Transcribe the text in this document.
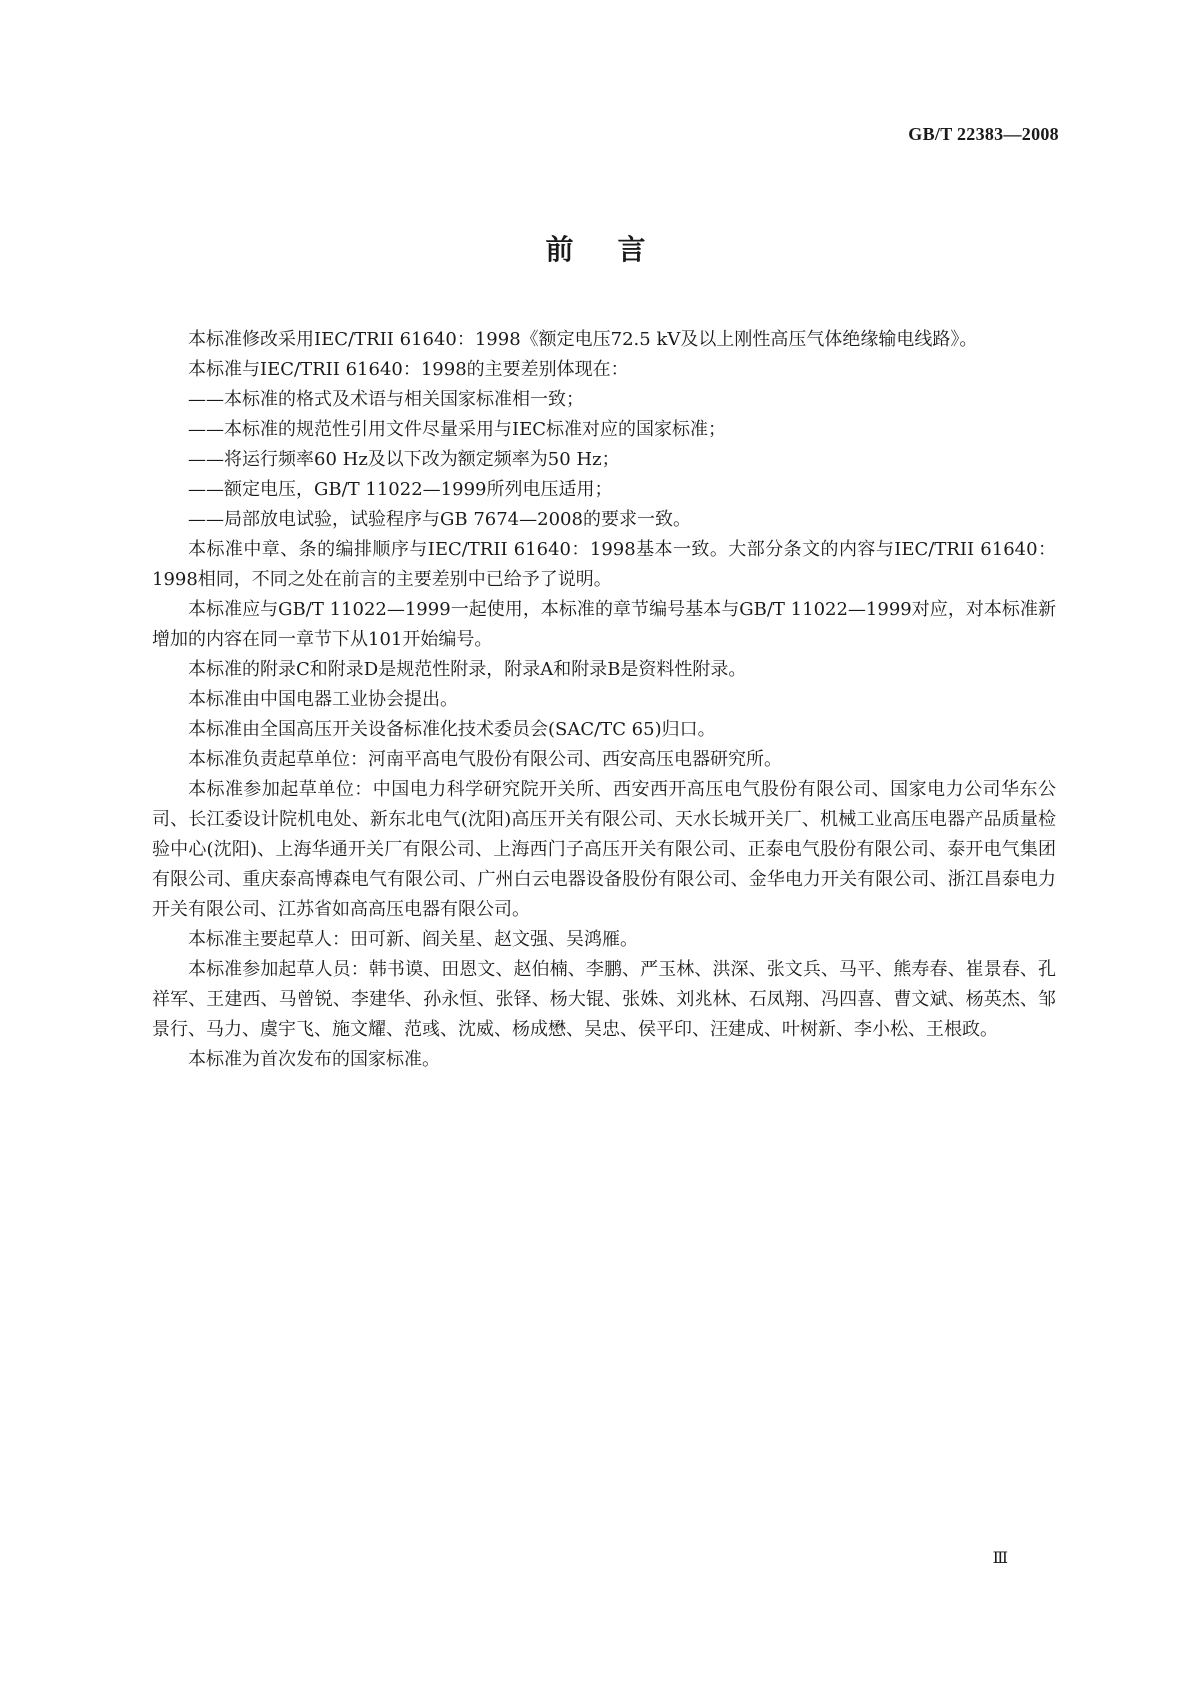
GB/T 22383—2008
前言

本标准修改采用IEC/TRII 61640：1998《额定电压72.5 kV及以上刚性高压气体绝缘输电线路》。

本标准与IEC/TRII 61640：1998的主要差别体现在：

——本标准的格式及术语与相关国家标准相一致；

——本标准的规范性引用文件尽量采用与IEC标准对应的国家标准；

——将运行频率60 Hz及以下改为额定频率为50 Hz；

——额定电压，GB/T 11022—1999所列电压适用；

——局部放电试验，试验程序与GB 7674—2008的要求一致。

本标准中章、条的编排顺序与IEC/TRII 61640：1998基本一致。大部分条文的内容与IEC/TRII 61640：1998相同，不同之处在前言的主要差别中已给予了说明。

本标准应与GB/T 11022—1999一起使用，本标准的章节编号基本与GB/T 11022—1999对应，对本标准新增加的内容在同一章节下从101开始编号。

本标准的附录C和附录D是规范性附录，附录A和附录B是资料性附录。

本标准由中国电器工业协会提出。

本标准由全国高压开关设备标准化技术委员会(SAC/TC 65)归口。

本标准负责起草单位：河南平高电气股份有限公司、西安高压电器研究所。

本标准参加起草单位：中国电力科学研究院开关所、西安西开高压电气股份有限公司、国家电力公司华东公司、长江委设计院机电处、新东北电气(沈阳)高压开关有限公司、天水长城开关厂、机械工业高压电器产品质量检验中心(沈阳)、上海华通开关厂有限公司、上海西门子高压开关有限公司、正泰电气股份有限公司、泰开电气集团有限公司、重庆泰高博森电气有限公司、广州白云电器设备股份有限公司、金华电力开关有限公司、浙江昌泰电力开关有限公司、江苏省如高高压电器有限公司。

本标准主要起草人：田可新、阎关星、赵文强、吴鸿雁。

本标准参加起草人员：韩书谟、田恩文、赵伯楠、李鹏、严玉林、洪深、张文兵、马平、熊寿春、崔景春、孔祥军、王建西、马曾锐、李建华、孙永恒、张铎、杨大锟、张姝、刘兆林、石凤翔、冯四喜、曹文斌、杨英杰、邹景行、马力、虞宇飞、施文耀、范彧、沈威、杨成懋、吴忠、侯平印、汪建成、叶树新、李小松、王根政。

本标准为首次发布的国家标准。

Ⅲ
